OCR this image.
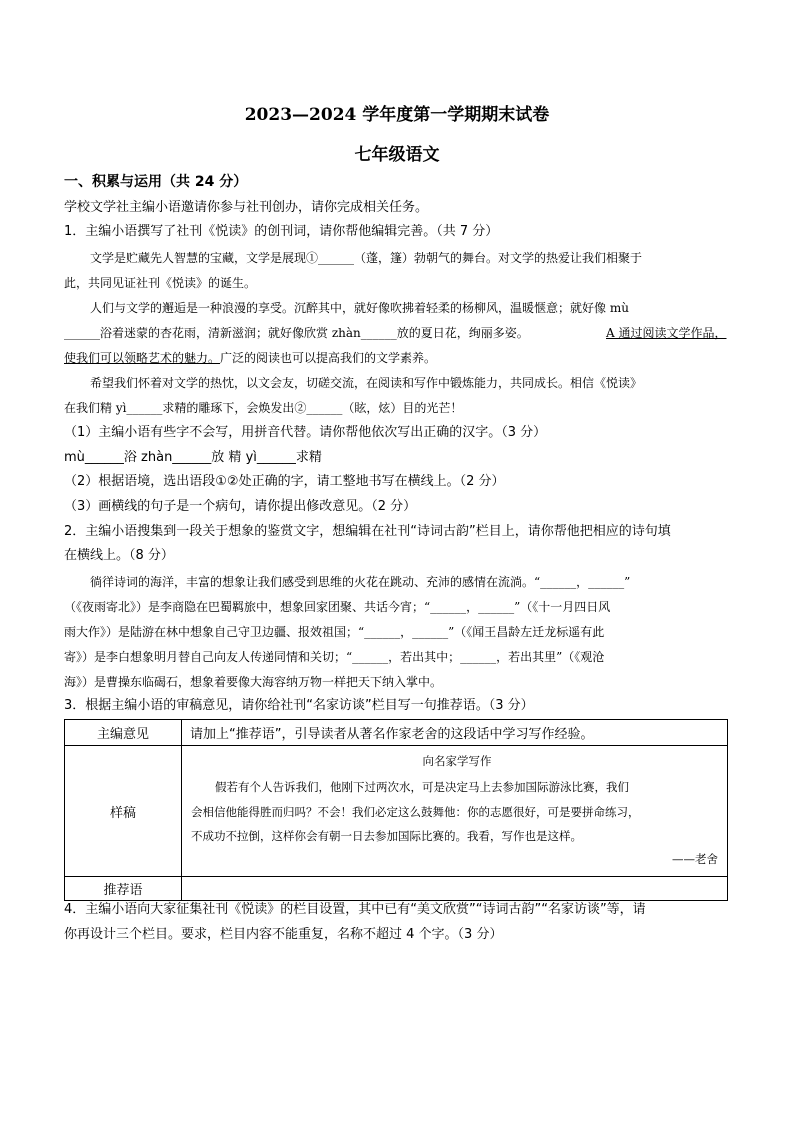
2023—2024 学年度第一学期期末试卷
七年级语文
一、积累与运用（共 24 分）
学校文学社主编小语邀请你参与社刊创办，请你完成相关任务。
1．主编小语撰写了社刊《悦读》的创刊词，请你帮他编辑完善。（共 7 分）
文学是贮藏先人智慧的宝藏，文学是展现①______（蓬，篷）勃朝气的舞台。对文学的热爱让我们相聚于
此，共同见证社刊《悦读》的诞生。
人们与文学的邂逅是一种浪漫的享受。沉醉其中，就好像吹拂着轻柔的杨柳风，温暖惬意；就好像 mù
______浴着迷蒙的杏花雨，清新滋润；就好像欣赏 zhàn______放的夏日花，绚丽多姿。	A 通过阅读文学作品，
使我们可以领略艺术的魅力。广泛的阅读也可以提高我们的文学素养。
希望我们怀着对文学的热忱，以文会友，切磋交流，在阅读和写作中锻炼能力，共同成长。相信《悦读》
在我们精 yì______求精的雕琢下，会焕发出②______（眩，炫）目的光芒！
（1）主编小语有些字不会写，用拼音代替。请你帮他依次写出正确的汉字。（3 分）
mù______浴 zhàn______放 精 yì______求精
（2）根据语境，选出语段①②处正确的字，请工整地书写在横线上。（2 分）
（3）画横线的句子是一个病句，请你提出修改意见。（2 分）
2．主编小语搜集到一段关于想象的鉴赏文字，想编辑在社刊“诗词古韵”栏目上，请你帮他把相应的诗句填
在横线上。（8 分）
徜徉诗词的海洋，丰富的想象让我们感受到思维的火花在跳动、充沛的感情在流淌。“______，______”
（《夜雨寄北》）是李商隐在巴蜀羁旅中，想象回家团聚、共话今宵；“______，______”（《十一月四日风
雨大作》）是陆游在林中想象自己守卫边疆、报效祖国；“______，______”（《闻王昌龄左迁龙标遥有此
寄》）是李白想象明月替自己向友人传递同情和关切；“______，若出其中；______，若出其里”（《观沧
海》）是曹操东临碣石，想象着要像大海容纳万物一样把天下纳入掌中。
3．根据主编小语的审稿意见，请你给社刊“名家访谈”栏目写一句推荐语。（3 分）
主编意见	请加上“推荐语”，引导读者从著名作家老舍的这段话中学习写作经验。
样稿	向名家学写作
假若有个人告诉我们，他刚下过两次水，可是决定马上去参加国际游泳比赛，我们
会相信他能得胜而归吗？不会！我们必定这么鼓舞他：你的志愿很好，可是要拼命练习，
不成功不拉倒，这样你会有朝一日去参加国际比赛的。我看，写作也是这样。
——老舍

推荐语	
4．主编小语向大家征集社刊《悦读》的栏目设置，其中已有“美文欣赏”“诗词古韵”“名家访谈”等，请
你再设计三个栏目。要求，栏目内容不能重复，名称不超过 4 个字。（3 分）
